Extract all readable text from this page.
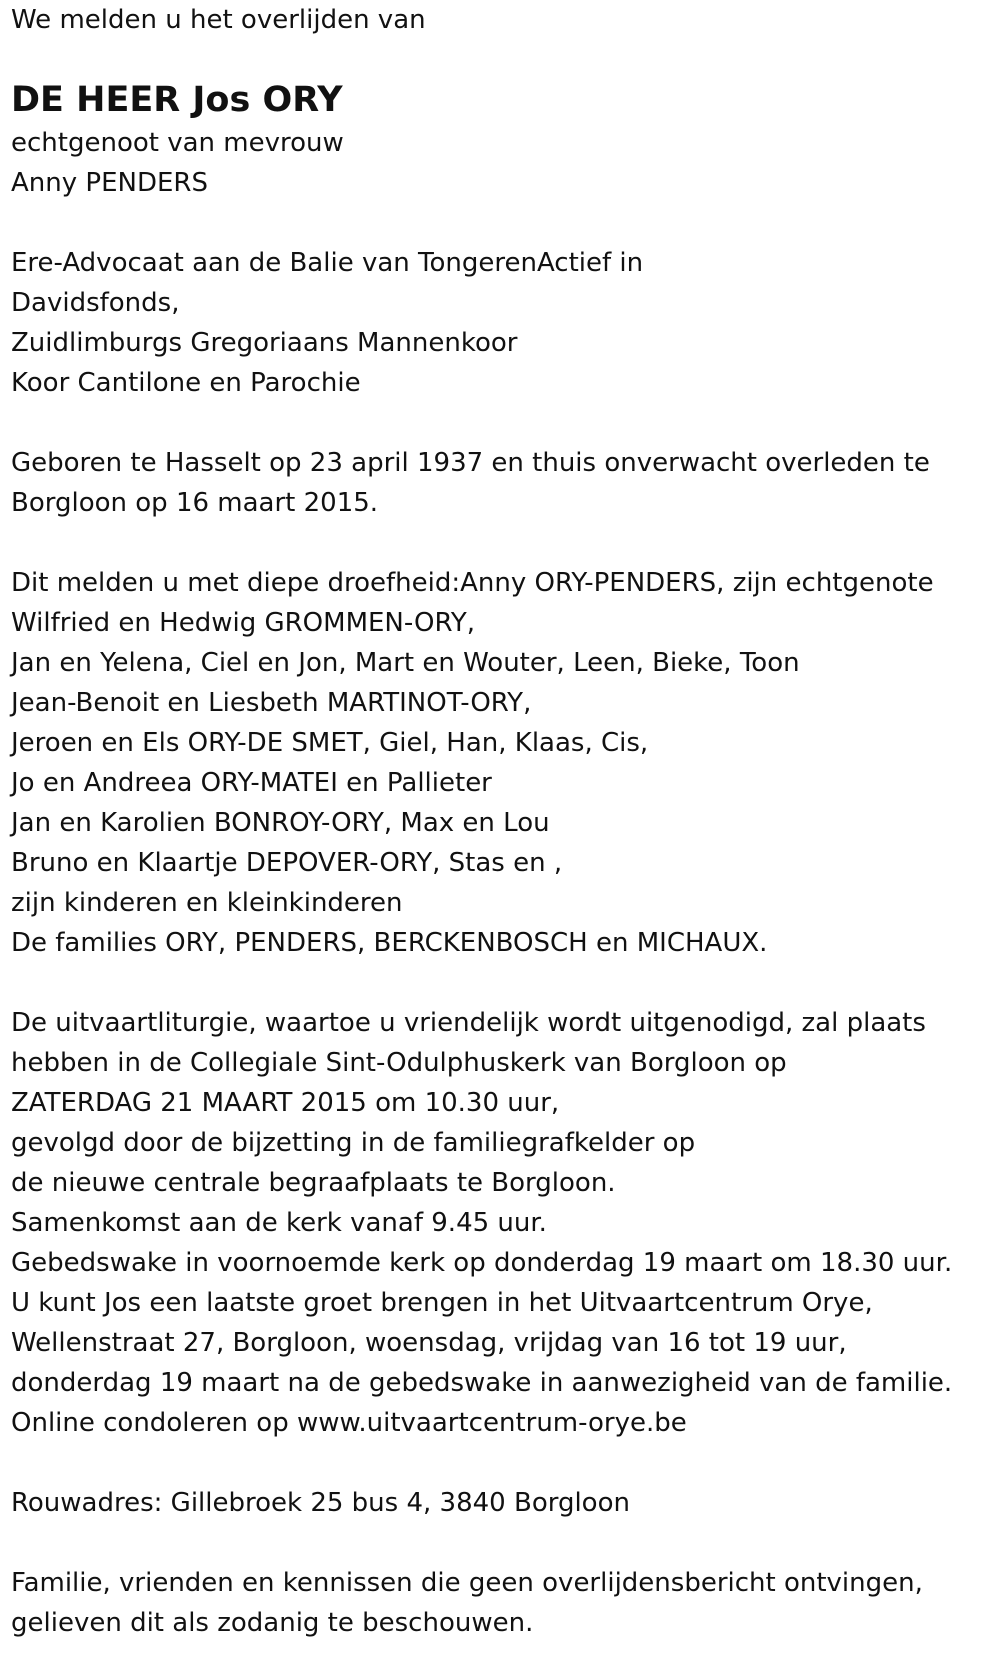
We melden u het overlijden van

DE HEER Jos ORY

echtgenoot van mevrouw

Anny PENDERS

Ere-Advocaat aan de Balie van TongerenActief in

Davidsfonds,

Zuidlimburgs Gregoriaans Mannenkoor

Koor Cantilone en Parochie

Geboren te Hasselt op 23 april 1937 en thuis onverwacht overleden te

Borgloon op 16 maart 2015.

Dit melden u met diepe droefheid:Anny ORY-PENDERS, zijn echtgenote

Wilfried en Hedwig GROMMEN-ORY,

Jan en Yelena, Ciel en Jon, Mart en Wouter, Leen, Bieke, Toon

Jean-Benoit en Liesbeth MARTINOT-ORY,

Jeroen en Els ORY-DE SMET, Giel, Han, Klaas, Cis,

Jo en Andreea ORY-MATEI en Pallieter

Jan en Karolien BONROY-ORY, Max en Lou

Bruno en Klaartje DEPOVER-ORY, Stas en ,

zijn kinderen en kleinkinderen

De families ORY, PENDERS, BERCKENBOSCH en MICHAUX.

De uitvaartliturgie, waartoe u vriendelijk wordt uitgenodigd, zal plaats

hebben in de Collegiale Sint-Odulphuskerk van Borgloon op

ZATERDAG 21 MAART 2015 om 10.30 uur,

gevolgd door de bijzetting in de familiegrafkelder op

de nieuwe centrale begraafplaats te Borgloon.

Samenkomst aan de kerk vanaf 9.45 uur.

Gebedswake in voornoemde kerk op donderdag 19 maart om 18.30 uur.

U kunt Jos een laatste groet brengen in het Uitvaartcentrum Orye,

Wellenstraat 27, Borgloon, woensdag, vrijdag van 16 tot 19 uur,

donderdag 19 maart na de gebedswake in aanwezigheid van de familie.

Online condoleren op www.uitvaartcentrum-orye.be

Rouwadres: Gillebroek 25 bus 4, 3840 Borgloon

Familie, vrienden en kennissen die geen overlijdensbericht ontvingen,

gelieven dit als zodanig te beschouwen.
